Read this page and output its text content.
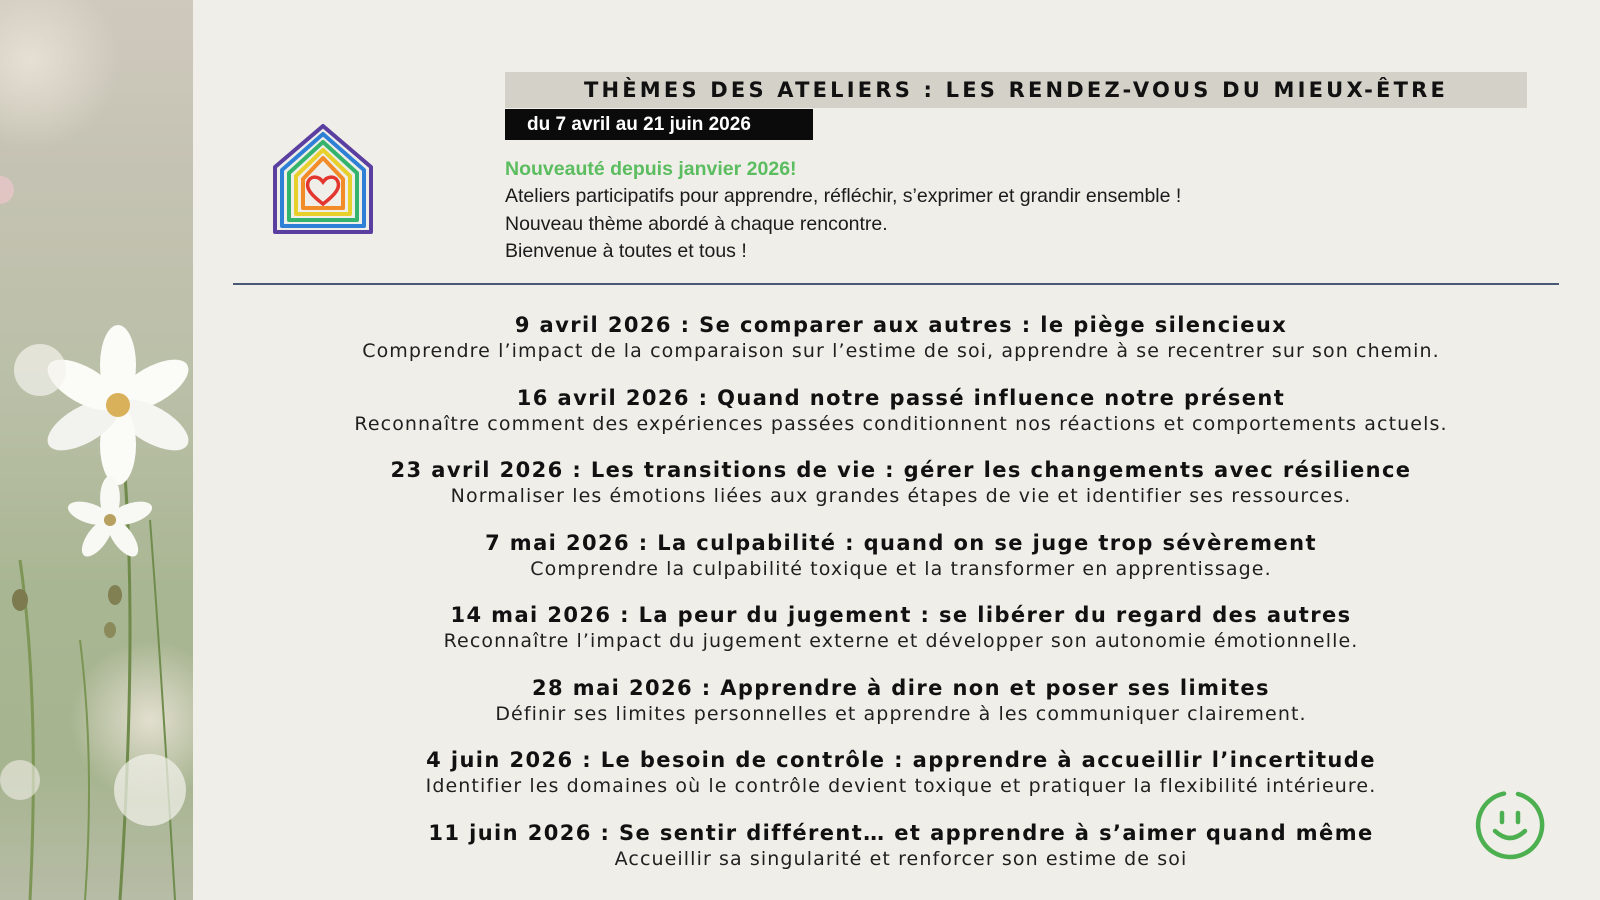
THÈMES DES ATELIERS : LES RENDEZ-VOUS DU MIEUX-ÊTRE
du 7 avril au 21 juin 2026
Nouveauté depuis janvier 2026!
Ateliers participatifs pour apprendre, réfléchir, s’exprimer et grandir ensemble !
Nouveau thème abordé à chaque rencontre.
Bienvenue à toutes et tous !
9 avril 2026 : Se comparer aux autres : le piège silencieux
Comprendre l’impact de la comparaison sur l’estime de soi, apprendre à se recentrer sur son chemin.
16 avril 2026 : Quand notre passé influence notre présent
Reconnaître comment des expériences passées conditionnent nos réactions et comportements actuels.
23 avril 2026 : Les transitions de vie : gérer les changements avec résilience
Normaliser les émotions liées aux grandes étapes de vie et identifier ses ressources.
7 mai 2026 : La culpabilité : quand on se juge trop sévèrement
Comprendre la culpabilité toxique et la transformer en apprentissage.
14 mai 2026 : La peur du jugement : se libérer du regard des autres
Reconnaître l’impact du jugement externe et développer son autonomie émotionnelle.
28 mai 2026 : Apprendre à dire non et poser ses limites
Définir ses limites personnelles et apprendre à les communiquer clairement.
4 juin 2026 : Le besoin de contrôle : apprendre à accueillir l’incertitude
Identifier les domaines où le contrôle devient toxique et pratiquer la flexibilité intérieure.
11 juin 2026 : Se sentir différent… et apprendre à s’aimer quand même
Accueillir sa singularité et renforcer son estime de soi
